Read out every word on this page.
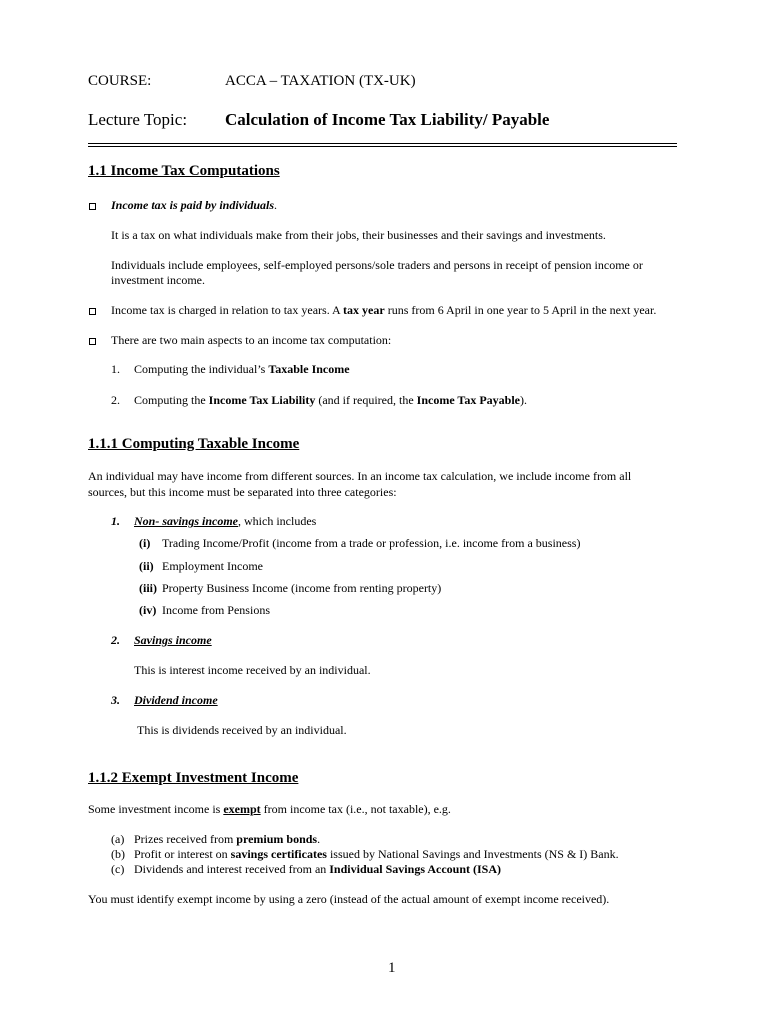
COURSE:	ACCA – TAXATION (TX-UK)
Lecture Topic: Calculation of Income Tax Liability/ Payable
1.1 Income Tax Computations
Income tax is paid by individuals.
It is a tax on what individuals make from their jobs, their businesses and their savings and investments.
Individuals include employees, self-employed persons/sole traders and persons in receipt of pension income or
investment income.
Income tax is charged in relation to tax years. A tax year runs from 6 April in one year to 5 April in the next year.
There are two main aspects to an income tax computation:
1. Computing the individual’s Taxable Income
2. Computing the Income Tax Liability (and if required, the Income Tax Payable).
1.1.1 Computing Taxable Income
An individual may have income from different sources. In an income tax calculation, we include income from all
sources, but this income must be separated into three categories:
1. Non- savings income, which includes
(i) Trading Income/Profit (income from a trade or profession, i.e. income from a business)
(ii) Employment Income
(iii) Property Business Income (income from renting property)
(iv) Income from Pensions
2. Savings income
This is interest income received by an individual.
3. Dividend income
This is dividends received by an individual.
1.1.2 Exempt Investment Income
Some investment income is exempt from income tax (i.e., not taxable), e.g.
(a) Prizes received from premium bonds.
(b) Profit or interest on savings certificates issued by National Savings and Investments (NS & I) Bank.
(c) Dividends and interest received from an Individual Savings Account (ISA)
You must identify exempt income by using a zero (instead of the actual amount of exempt income received).
1
